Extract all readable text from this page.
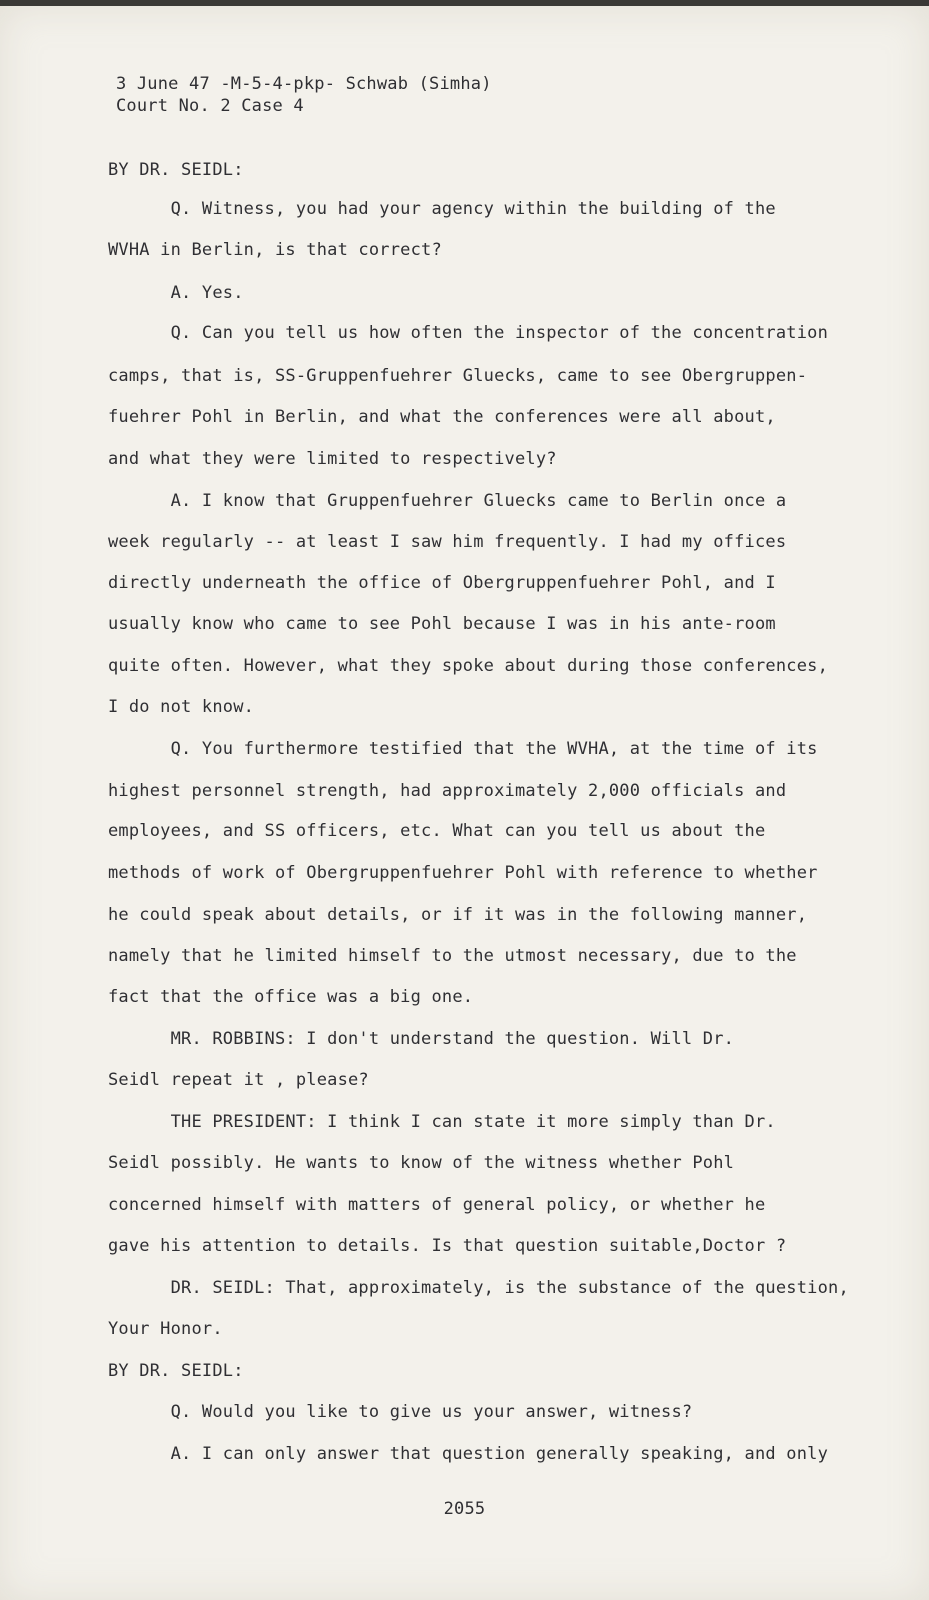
3 June 47 -M-5-4-pkp- Schwab (Simha)
Court No. 2 Case 4
BY DR. SEIDL:
Q. Witness, you had your agency within the building of the
WVHA in Berlin, is that correct?
A. Yes.
Q. Can you tell us how often the inspector of the concentration
camps, that is, SS-Gruppenfuehrer Gluecks, came to see Obergruppen-
fuehrer Pohl in Berlin, and what the conferences were all about,
and what they were limited to respectively?
A. I know that Gruppenfuehrer Gluecks came to Berlin once a
week regularly -- at least I saw him frequently. I had my offices
directly underneath the office of Obergruppenfuehrer Pohl, and I
usually know who came to see Pohl because I was in his ante-room
quite often. However, what they spoke about during those conferences,
I do not know.
Q. You furthermore testified that the WVHA, at the time of its
highest personnel strength, had approximately 2,000 officials and
employees, and SS officers, etc. What can you tell us about the
methods of work of Obergruppenfuehrer Pohl with reference to whether
he could speak about details, or if it was in the following manner,
namely that he limited himself to the utmost necessary, due to the
fact that the office was a big one.
MR. ROBBINS: I don't understand the question. Will Dr.
Seidl repeat it , please?
THE PRESIDENT: I think I can state it more simply than Dr.
Seidl possibly. He wants to know of the witness whether Pohl
concerned himself with matters of general policy, or whether he
gave his attention to details. Is that question suitable,Doctor ?
DR. SEIDL: That, approximately, is the substance of the question,
Your Honor.
BY DR. SEIDL:
Q. Would you like to give us your answer, witness?
A. I can only answer that question generally speaking, and only
2055
